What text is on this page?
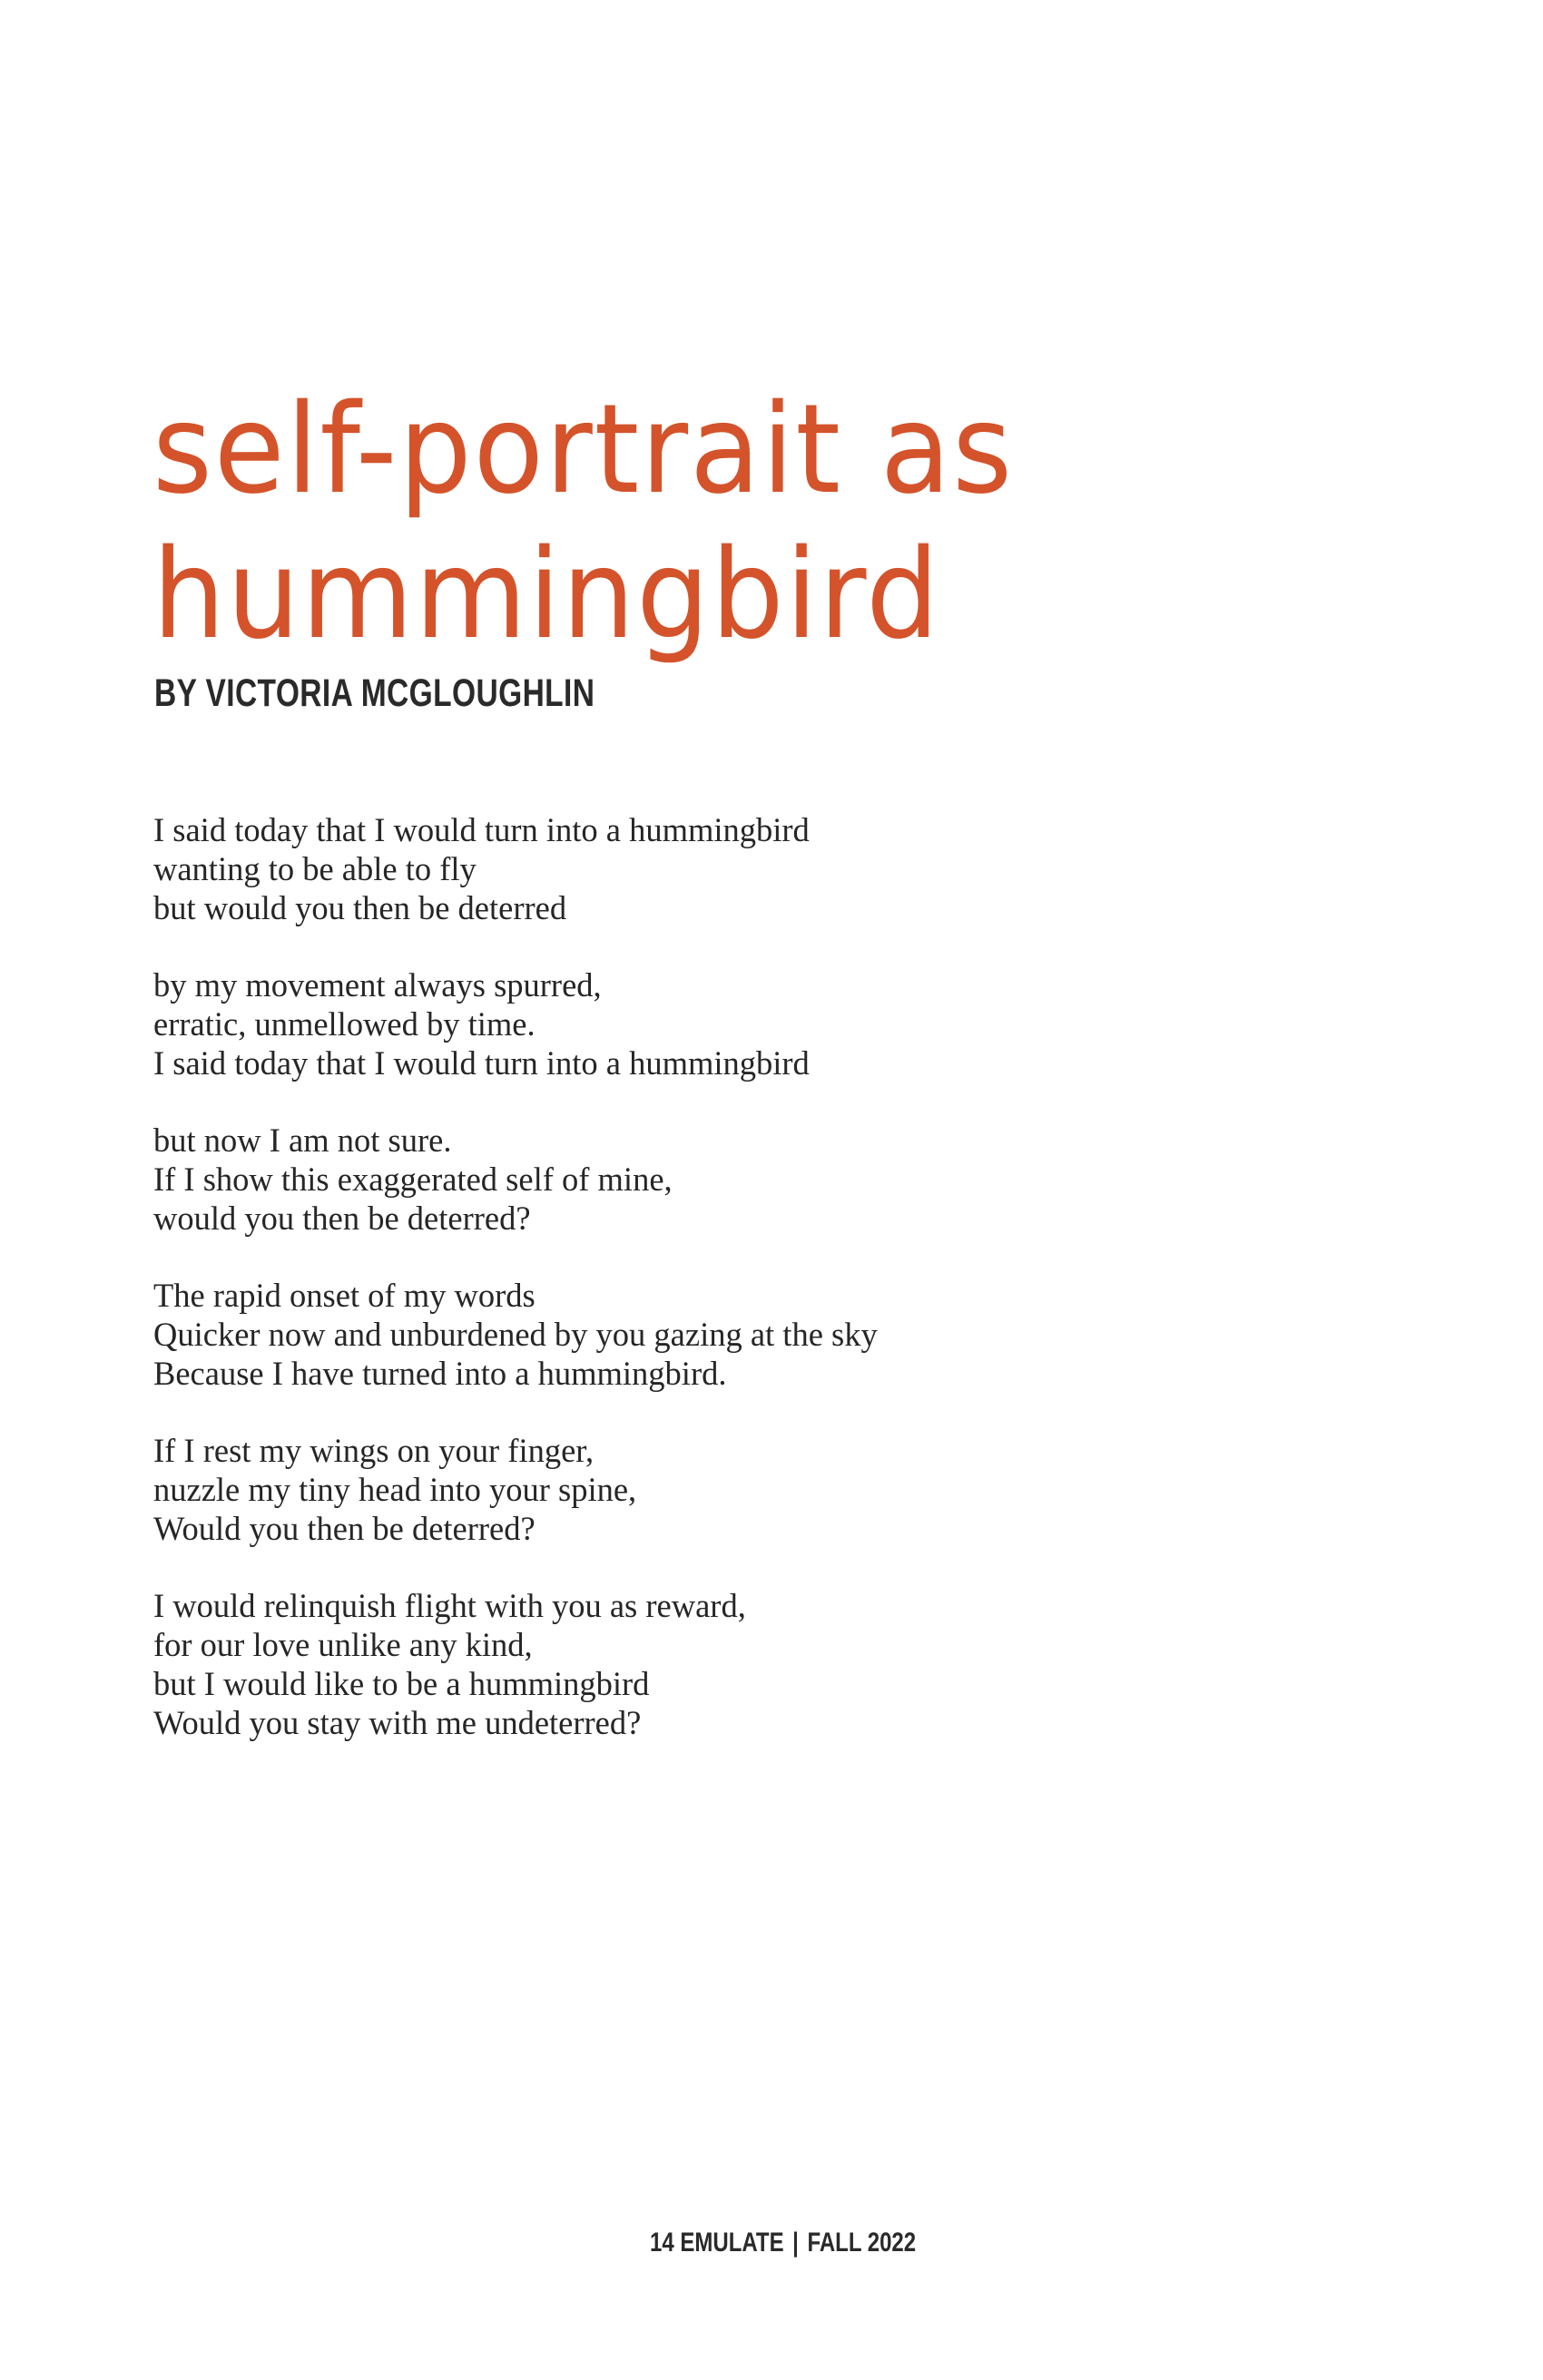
self-portrait as
hummingbird

BY VICTORIA MCGLOUGHLIN

I said today that I would turn into a hummingbird
wanting to be able to fly
but would you then be deterred
by my movement always spurred,
erratic, unmellowed by time.
I said today that I would turn into a hummingbird
but now I am not sure.
If I show this exaggerated self of mine,
would you then be deterred?
The rapid onset of my words
Quicker now and unburdened by you gazing at the sky
Because I have turned into a hummingbird.
If I rest my wings on your finger,
nuzzle my tiny head into your spine,
Would you then be deterred?
I would relinquish flight with you as reward,
for our love unlike any kind,
but I would like to be a hummingbird
Would you stay with me undeterred?

14 EMULATE | FALL 2022
